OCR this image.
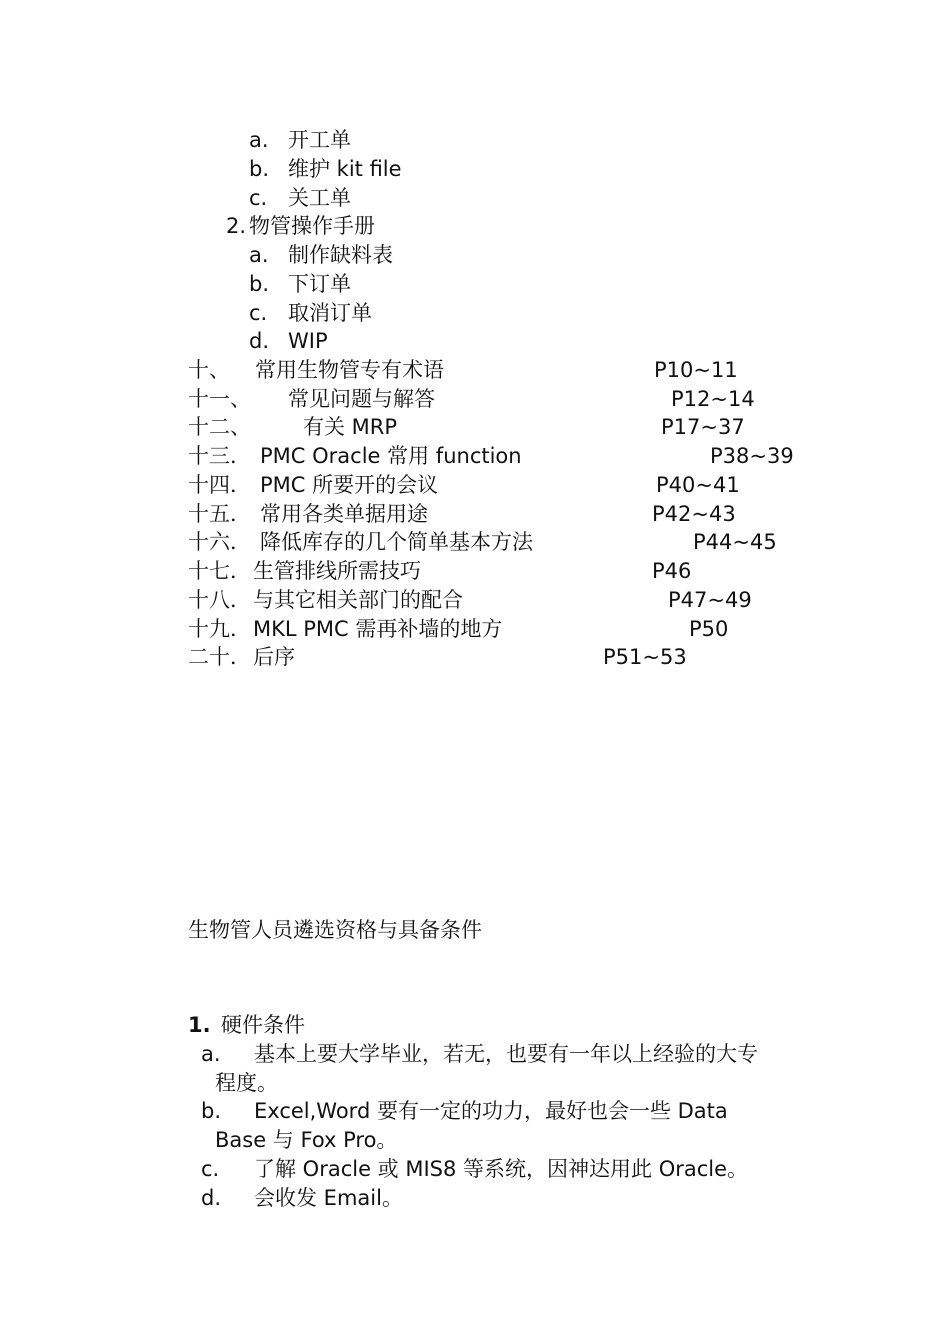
a. 开工单
b. 维护 kit file
c. 关工单
2. 物管操作手册
a. 制作缺料表
b. 下订单
c. 取消订单
d. WIP
十、 常用生物管专有术语	P10~11
十一、 常见问题与解答	P12~14
十二、 有关 MRP	P17~37
十三． PMC Oracle 常用 function	P38~39
十四． PMC 所要开的会议	P40~41
十五． 常用各类单据用途	P42~43
十六． 降低库存的几个简单基本方法	P44~45
十七． 生管排线所需技巧	P46
十八． 与其它相关部门的配合	P47~49
十九． MKL PMC 需再补墙的地方	P50
二十． 后序	P51~53
生物管人员遴选资格与具备条件
1. 硬件条件
a. 基本上要大学毕业，若无，也要有一年以上经验的大专
程度。
b. Excel,Word 要有一定的功力，最好也会一些 Data
Base 与 Fox Pro。
c. 了解 Oracle 或 MIS8 等系统，因神达用此 Oracle。
d. 会收发 Email。
